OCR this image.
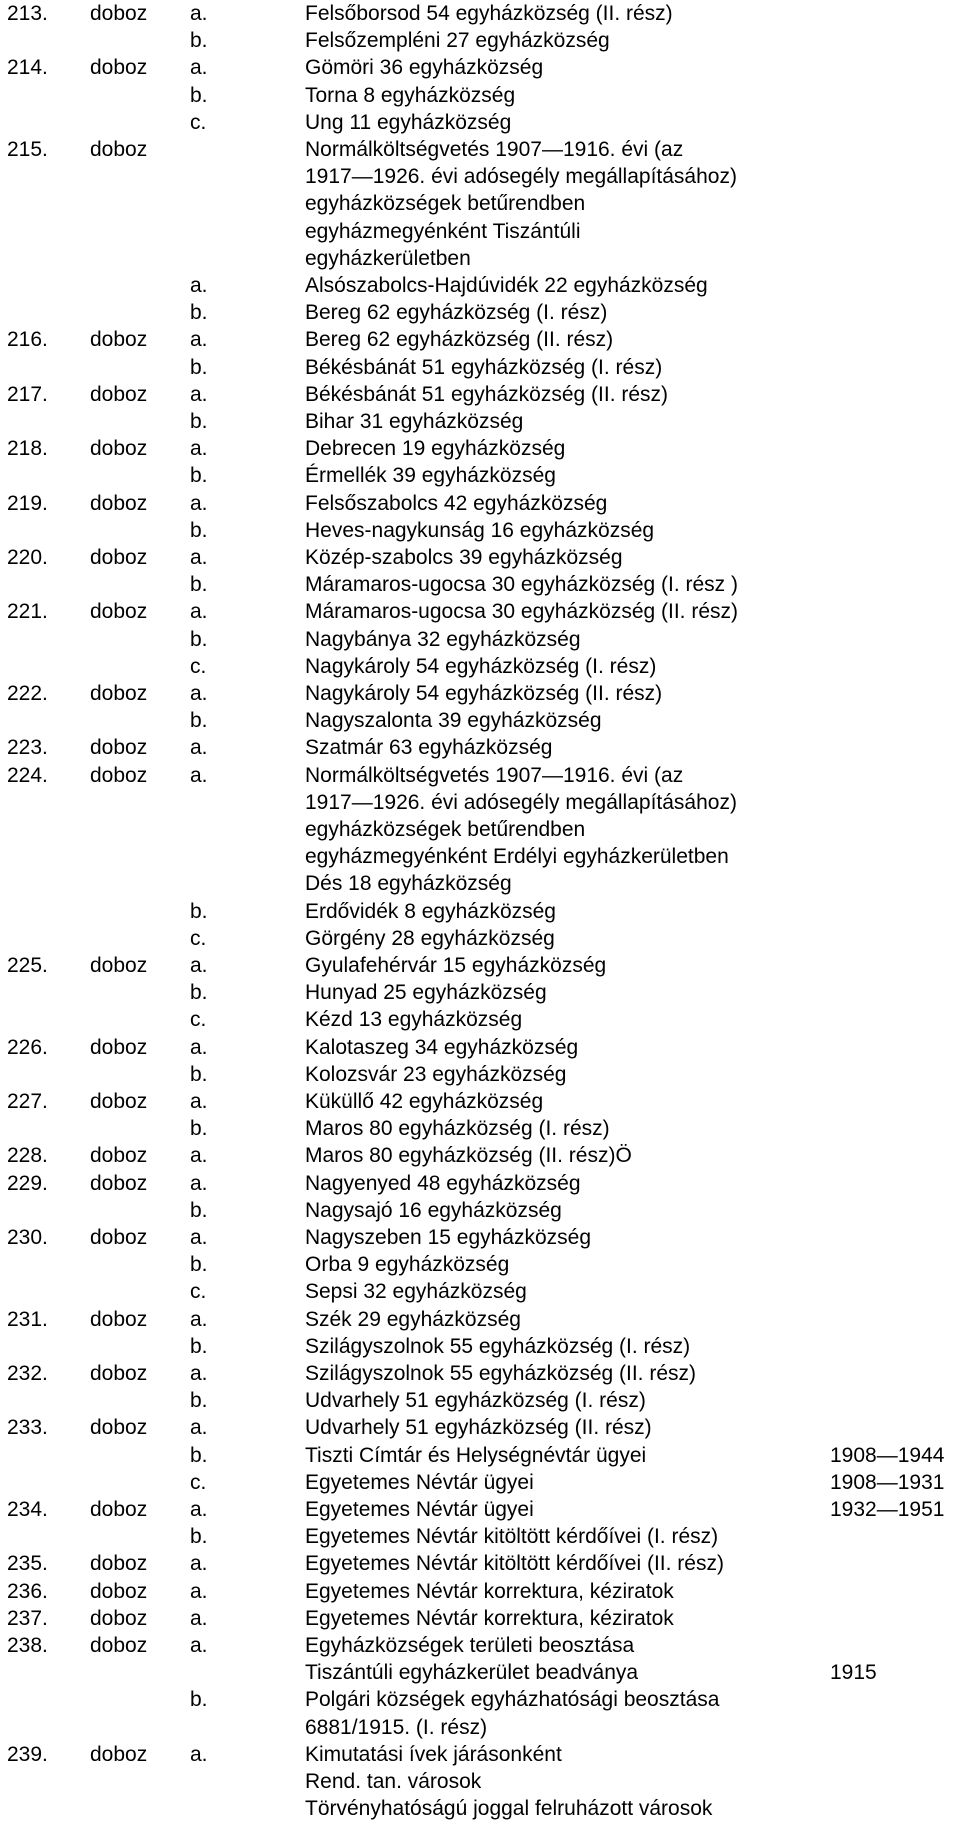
213. doboz a.	Felsőborsod 54 egyházközség (II. rész)
b.	Felsőzempléni 27 egyházközség
214. doboz a.	Gömöri 36 egyházközség
b.	Torna 8 egyházközség
c.	Ung 11 egyházközség
215. doboz	Normálköltségvetés 1907—1916. évi (az
1917—1926. évi adósegély megállapításához)
egyházközségek betűrendben
egyházmegyénként Tiszántúli
egyházkerületben
a.	Alsószabolcs-Hajdúvidék 22 egyházközség
b.	Bereg 62 egyházközség (I. rész)
216. doboz a.	Bereg 62 egyházközség (II. rész)
b.	Békésbánát 51 egyházközség (I. rész)
217. doboz a.	Békésbánát 51 egyházközség (II. rész)
b.	Bihar 31 egyházközség
218. doboz a.	Debrecen 19 egyházközség
b.	Érmellék 39 egyházközség
219. doboz a.	Felsőszabolcs 42 egyházközség
b.	Heves-nagykunság 16 egyházközség
220. doboz a.	Közép-szabolcs 39 egyházközség
b.	Máramaros-ugocsa 30 egyházközség (I. rész )
221. doboz a.	Máramaros-ugocsa 30 egyházközség (II. rész)
b.	Nagybánya 32 egyházközség
c.	Nagykároly 54 egyházközség (I. rész)
222. doboz a.	Nagykároly 54 egyházközség (II. rész)
b.	Nagyszalonta 39 egyházközség
223. doboz a.	Szatmár 63 egyházközség
224. doboz a.	Normálköltségvetés 1907—1916. évi (az
1917—1926. évi adósegély megállapításához)
egyházközségek betűrendben
egyházmegyénként Erdélyi egyházkerületben
Dés 18 egyházközség
b.	Erdővidék 8 egyházközség
c.	Görgény 28 egyházközség
225. doboz a.	Gyulafehérvár 15 egyházközség
b.	Hunyad 25 egyházközség
c.	Kézd 13 egyházközség
226. doboz a.	Kalotaszeg 34 egyházközség
b.	Kolozsvár 23 egyházközség
227. doboz a.	Küküllő 42 egyházközség
b.	Maros 80 egyházközség (I. rész)
228. doboz a.	Maros 80 egyházközség (II. rész)Ö
229. doboz a.	Nagyenyed 48 egyházközség
b.	Nagysajó 16 egyházközség
230. doboz a.	Nagyszeben 15 egyházközség
b.	Orba 9 egyházközség
c.	Sepsi 32 egyházközség
231. doboz a.	Szék 29 egyházközség
b.	Szilágyszolnok 55 egyházközség (I. rész)
232. doboz a.	Szilágyszolnok 55 egyházközség (II. rész)
b.	Udvarhely 51 egyházközség (I. rész)
233. doboz a.	Udvarhely 51 egyházközség (II. rész)
b.	Tiszti Címtár és Helységnévtár ügyei	1908—1944
c.	Egyetemes Névtár ügyei	1908—1931
234. doboz a.	Egyetemes Névtár ügyei	1932—1951
b.	Egyetemes Névtár kitöltött kérdőívei (I. rész)
235. doboz a.	Egyetemes Névtár kitöltött kérdőívei (II. rész)
236. doboz a.	Egyetemes Névtár korrektura, kéziratok
237. doboz a.	Egyetemes Névtár korrektura, kéziratok
238. doboz a.	Egyházközségek területi beosztása
Tiszántúli egyházkerület beadványa	1915
b.	Polgári községek egyházhatósági beosztása
6881/1915. (I. rész)
239. doboz a.	Kimutatási ívek járásonként
Rend. tan. városok
Törvényhatóságú joggal felruházott városok
